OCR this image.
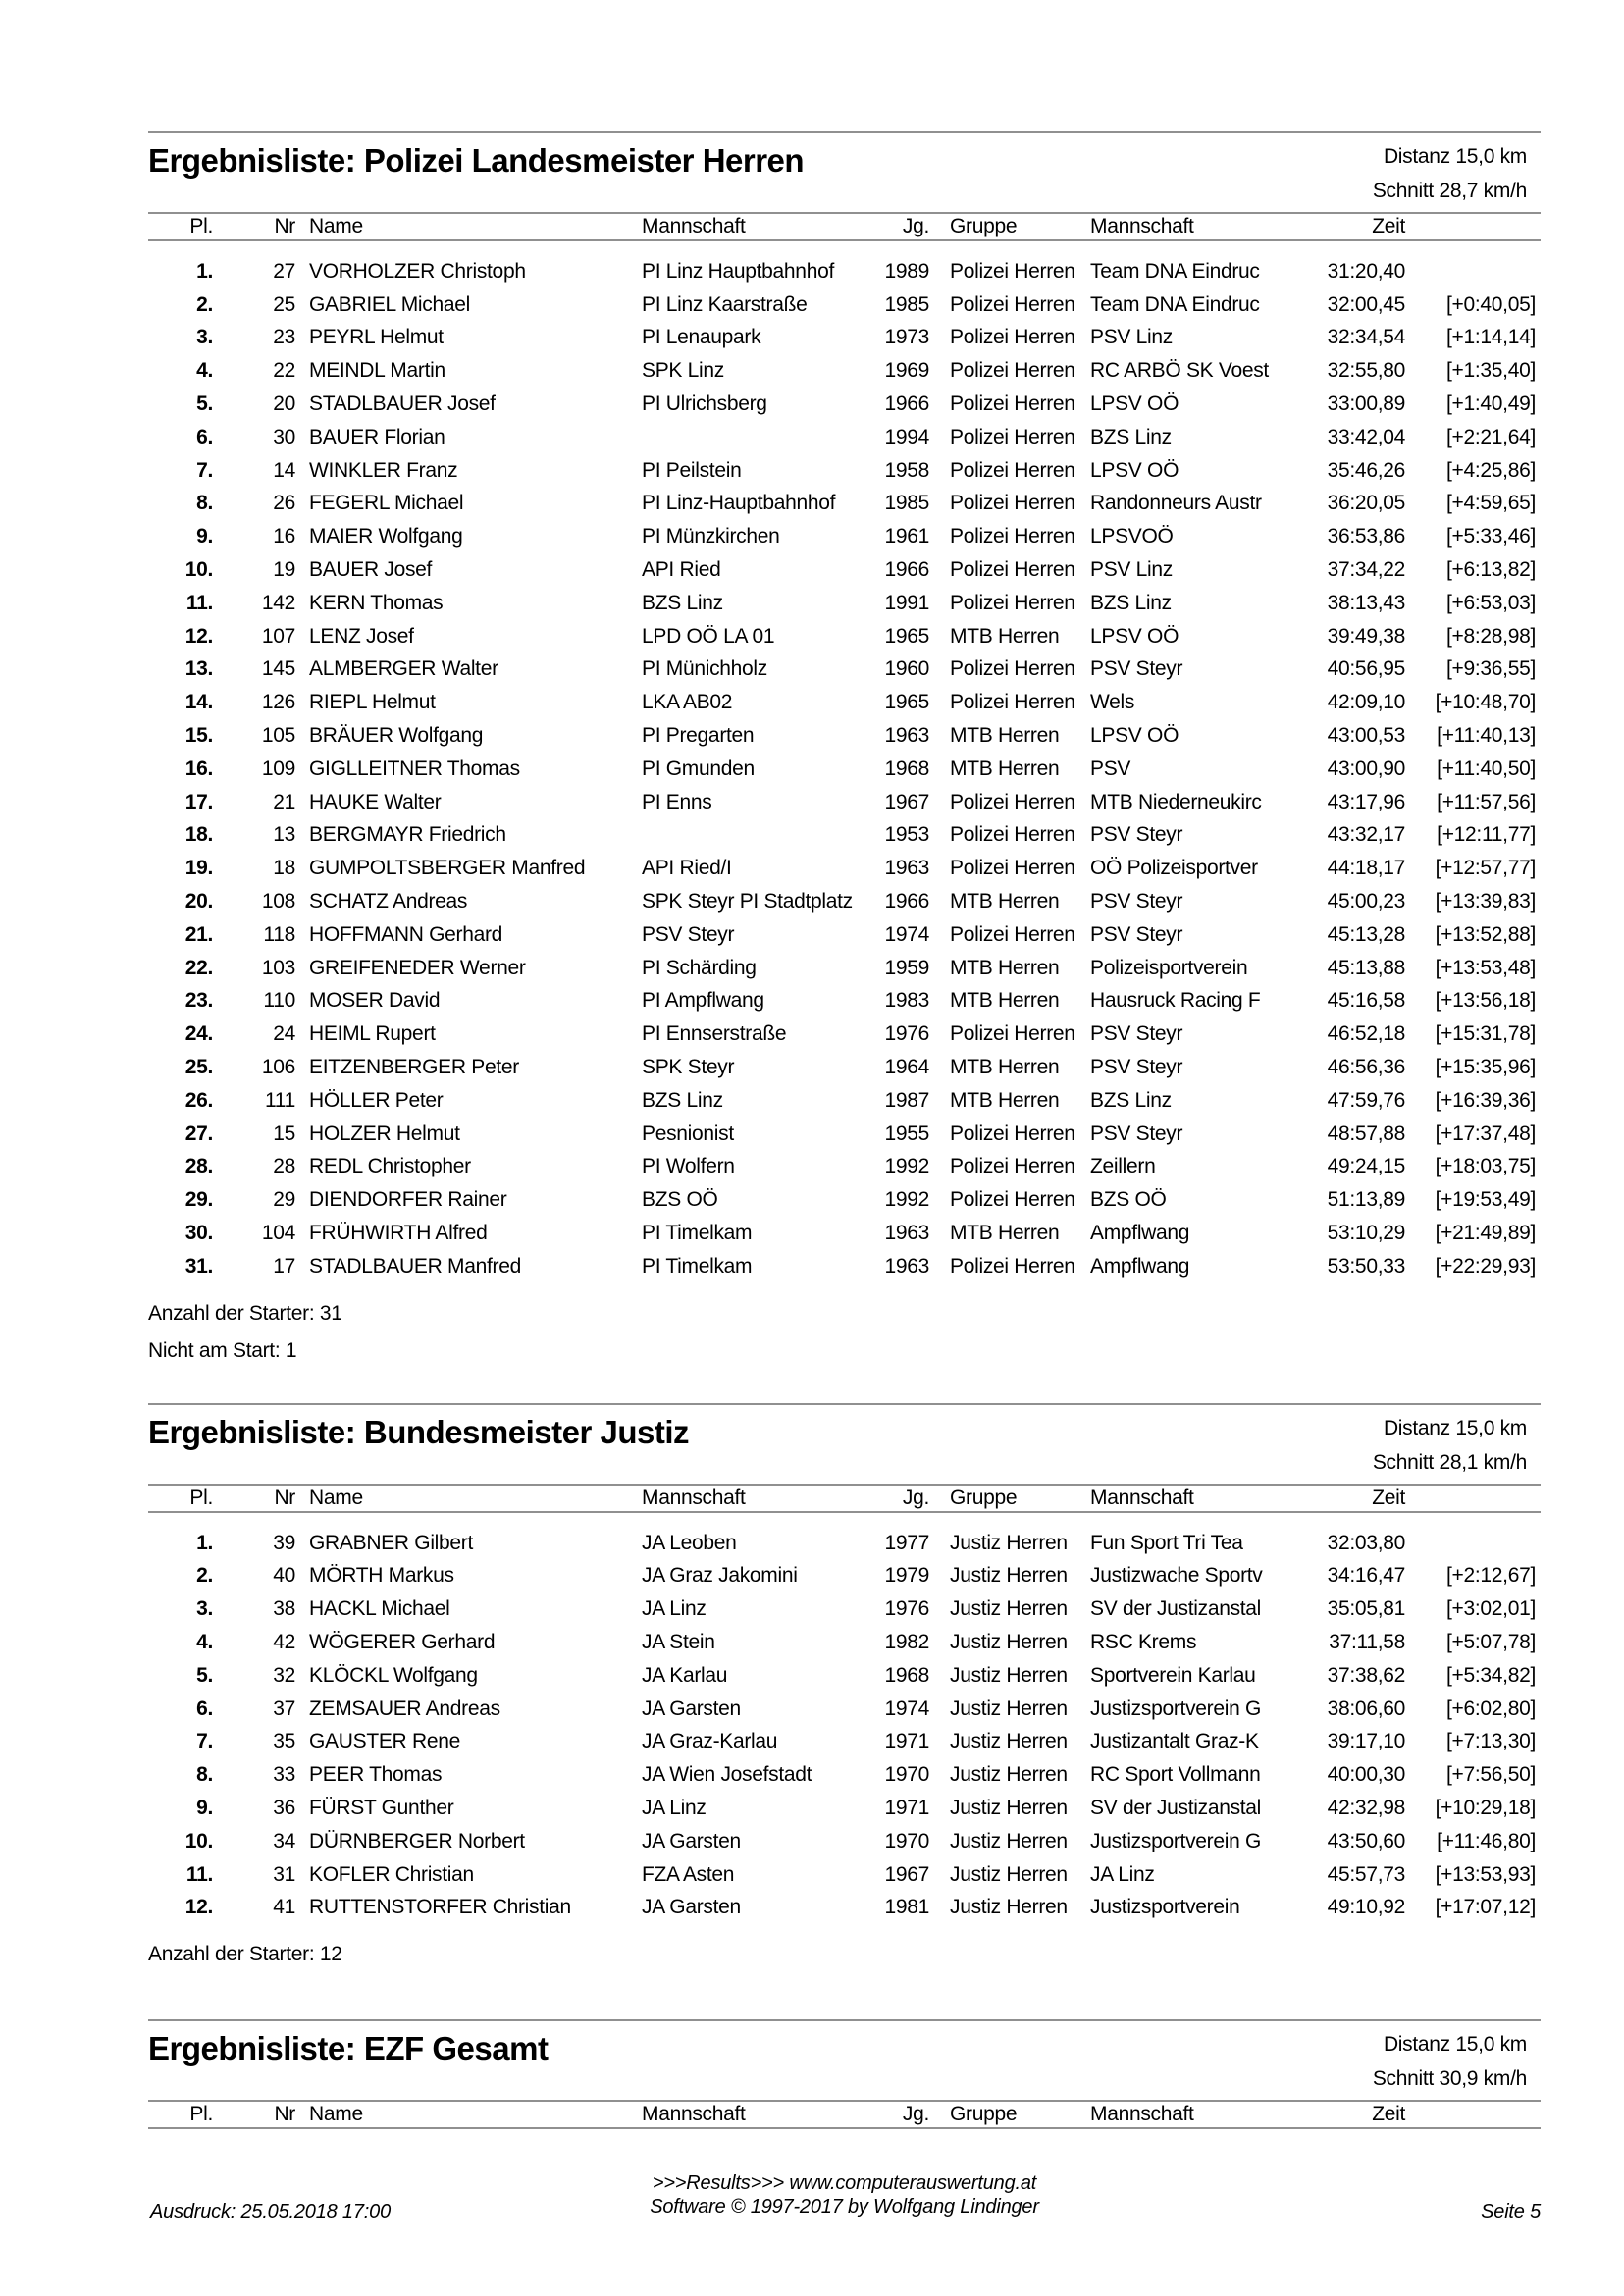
Ergebnisliste: Polizei Landesmeister Herren	Distanz 15,0 km
Schnitt 28,7 km/h
Pl.	Nr	Name	Mannschaft	Jg.	Gruppe	Mannschaft	Zeit	
1.	27	VORHOLZER Christoph	PI Linz Hauptbahnhof	1989	Polizei Herren	Team DNA Eindruc	31:20,40	
2.	25	GABRIEL Michael	PI Linz Kaarstraße	1985	Polizei Herren	Team DNA Eindruc	32:00,45	[+0:40,05]
3.	23	PEYRL Helmut	PI Lenaupark	1973	Polizei Herren	PSV Linz	32:34,54	[+1:14,14]
4.	22	MEINDL Martin	SPK Linz	1969	Polizei Herren	RC ARBÖ SK Voest	32:55,80	[+1:35,40]
5.	20	STADLBAUER Josef	PI Ulrichsberg	1966	Polizei Herren	LPSV OÖ	33:00,89	[+1:40,49]
6.	30	BAUER Florian		1994	Polizei Herren	BZS Linz	33:42,04	[+2:21,64]
7.	14	WINKLER Franz	PI Peilstein	1958	Polizei Herren	LPSV OÖ	35:46,26	[+4:25,86]
8.	26	FEGERL Michael	PI Linz-Hauptbahnhof	1985	Polizei Herren	Randonneurs Austr	36:20,05	[+4:59,65]
9.	16	MAIER Wolfgang	PI Münzkirchen	1961	Polizei Herren	LPSVOÖ	36:53,86	[+5:33,46]
10.	19	BAUER Josef	API Ried	1966	Polizei Herren	PSV Linz	37:34,22	[+6:13,82]
11.	142	KERN Thomas	BZS Linz	1991	Polizei Herren	BZS Linz	38:13,43	[+6:53,03]
12.	107	LENZ Josef	LPD OÖ LA 01	1965	MTB Herren	LPSV OÖ	39:49,38	[+8:28,98]
13.	145	ALMBERGER Walter	PI Münichholz	1960	Polizei Herren	PSV Steyr	40:56,95	[+9:36,55]
14.	126	RIEPL Helmut	LKA AB02	1965	Polizei Herren	Wels	42:09,10	[+10:48,70]
15.	105	BRÄUER Wolfgang	PI Pregarten	1963	MTB Herren	LPSV OÖ	43:00,53	[+11:40,13]
16.	109	GIGLLEITNER Thomas	PI Gmunden	1968	MTB Herren	PSV	43:00,90	[+11:40,50]
17.	21	HAUKE Walter	PI Enns	1967	Polizei Herren	MTB Niederneukirc	43:17,96	[+11:57,56]
18.	13	BERGMAYR Friedrich		1953	Polizei Herren	PSV Steyr	43:32,17	[+12:11,77]
19.	18	GUMPOLTSBERGER Manfred	API Ried/I	1963	Polizei Herren	OÖ Polizeisportver	44:18,17	[+12:57,77]
20.	108	SCHATZ Andreas	SPK Steyr PI Stadtplatz	1966	MTB Herren	PSV Steyr	45:00,23	[+13:39,83]
21.	118	HOFFMANN Gerhard	PSV Steyr	1974	Polizei Herren	PSV Steyr	45:13,28	[+13:52,88]
22.	103	GREIFENEDER Werner	PI Schärding	1959	MTB Herren	Polizeisportverein	45:13,88	[+13:53,48]
23.	110	MOSER David	PI Ampflwang	1983	MTB Herren	Hausruck Racing F	45:16,58	[+13:56,18]
24.	24	HEIML Rupert	PI Ennserstraße	1976	Polizei Herren	PSV Steyr	46:52,18	[+15:31,78]
25.	106	EITZENBERGER Peter	SPK Steyr	1964	MTB Herren	PSV Steyr	46:56,36	[+15:35,96]
26.	111	HÖLLER Peter	BZS Linz	1987	MTB Herren	BZS Linz	47:59,76	[+16:39,36]
27.	15	HOLZER Helmut	Pesnionist	1955	Polizei Herren	PSV Steyr	48:57,88	[+17:37,48]
28.	28	REDL Christopher	PI Wolfern	1992	Polizei Herren	Zeillern	49:24,15	[+18:03,75]
29.	29	DIENDORFER Rainer	BZS OÖ	1992	Polizei Herren	BZS OÖ	51:13,89	[+19:53,49]
30.	104	FRÜHWIRTH Alfred	PI Timelkam	1963	MTB Herren	Ampflwang	53:10,29	[+21:49,89]
31.	17	STADLBAUER Manfred	PI Timelkam	1963	Polizei Herren	Ampflwang	53:50,33	[+22:29,93]
Anzahl der Starter: 31
Nicht am Start: 1
Ergebnisliste: Bundesmeister Justiz	Distanz 15,0 km
Schnitt 28,1 km/h
Pl.	Nr	Name	Mannschaft	Jg.	Gruppe	Mannschaft	Zeit	
1.	39	GRABNER Gilbert	JA Leoben	1977	Justiz Herren	Fun Sport Tri Tea	32:03,80	
2.	40	MÖRTH Markus	JA Graz Jakomini	1979	Justiz Herren	Justizwache Sportv	34:16,47	[+2:12,67]
3.	38	HACKL Michael	JA Linz	1976	Justiz Herren	SV der Justizanstal	35:05,81	[+3:02,01]
4.	42	WÖGERER Gerhard	JA Stein	1982	Justiz Herren	RSC Krems	37:11,58	[+5:07,78]
5.	32	KLÖCKL Wolfgang	JA Karlau	1968	Justiz Herren	Sportverein Karlau	37:38,62	[+5:34,82]
6.	37	ZEMSAUER Andreas	JA Garsten	1974	Justiz Herren	Justizsportverein G	38:06,60	[+6:02,80]
7.	35	GAUSTER Rene	JA Graz-Karlau	1971	Justiz Herren	Justizantalt Graz-K	39:17,10	[+7:13,30]
8.	33	PEER Thomas	JA Wien Josefstadt	1970	Justiz Herren	RC Sport Vollmann	40:00,30	[+7:56,50]
9.	36	FÜRST Gunther	JA Linz	1971	Justiz Herren	SV der Justizanstal	42:32,98	[+10:29,18]
10.	34	DÜRNBERGER Norbert	JA Garsten	1970	Justiz Herren	Justizsportverein G	43:50,60	[+11:46,80]
11.	31	KOFLER Christian	FZA Asten	1967	Justiz Herren	JA Linz	45:57,73	[+13:53,93]
12.	41	RUTTENSTORFER Christian	JA Garsten	1981	Justiz Herren	Justizsportverein	49:10,92	[+17:07,12]
Anzahl der Starter: 12
Ergebnisliste: EZF Gesamt	Distanz 15,0 km
Schnitt 30,9 km/h
Pl.	Nr	Name	Mannschaft	Jg.	Gruppe	Mannschaft	Zeit	
>>>Results>>> www.computerauswertung.at
Software © 1997-2017 by Wolfgang Lindinger
Ausdruck: 25.05.2018 17:00	Seite 5
